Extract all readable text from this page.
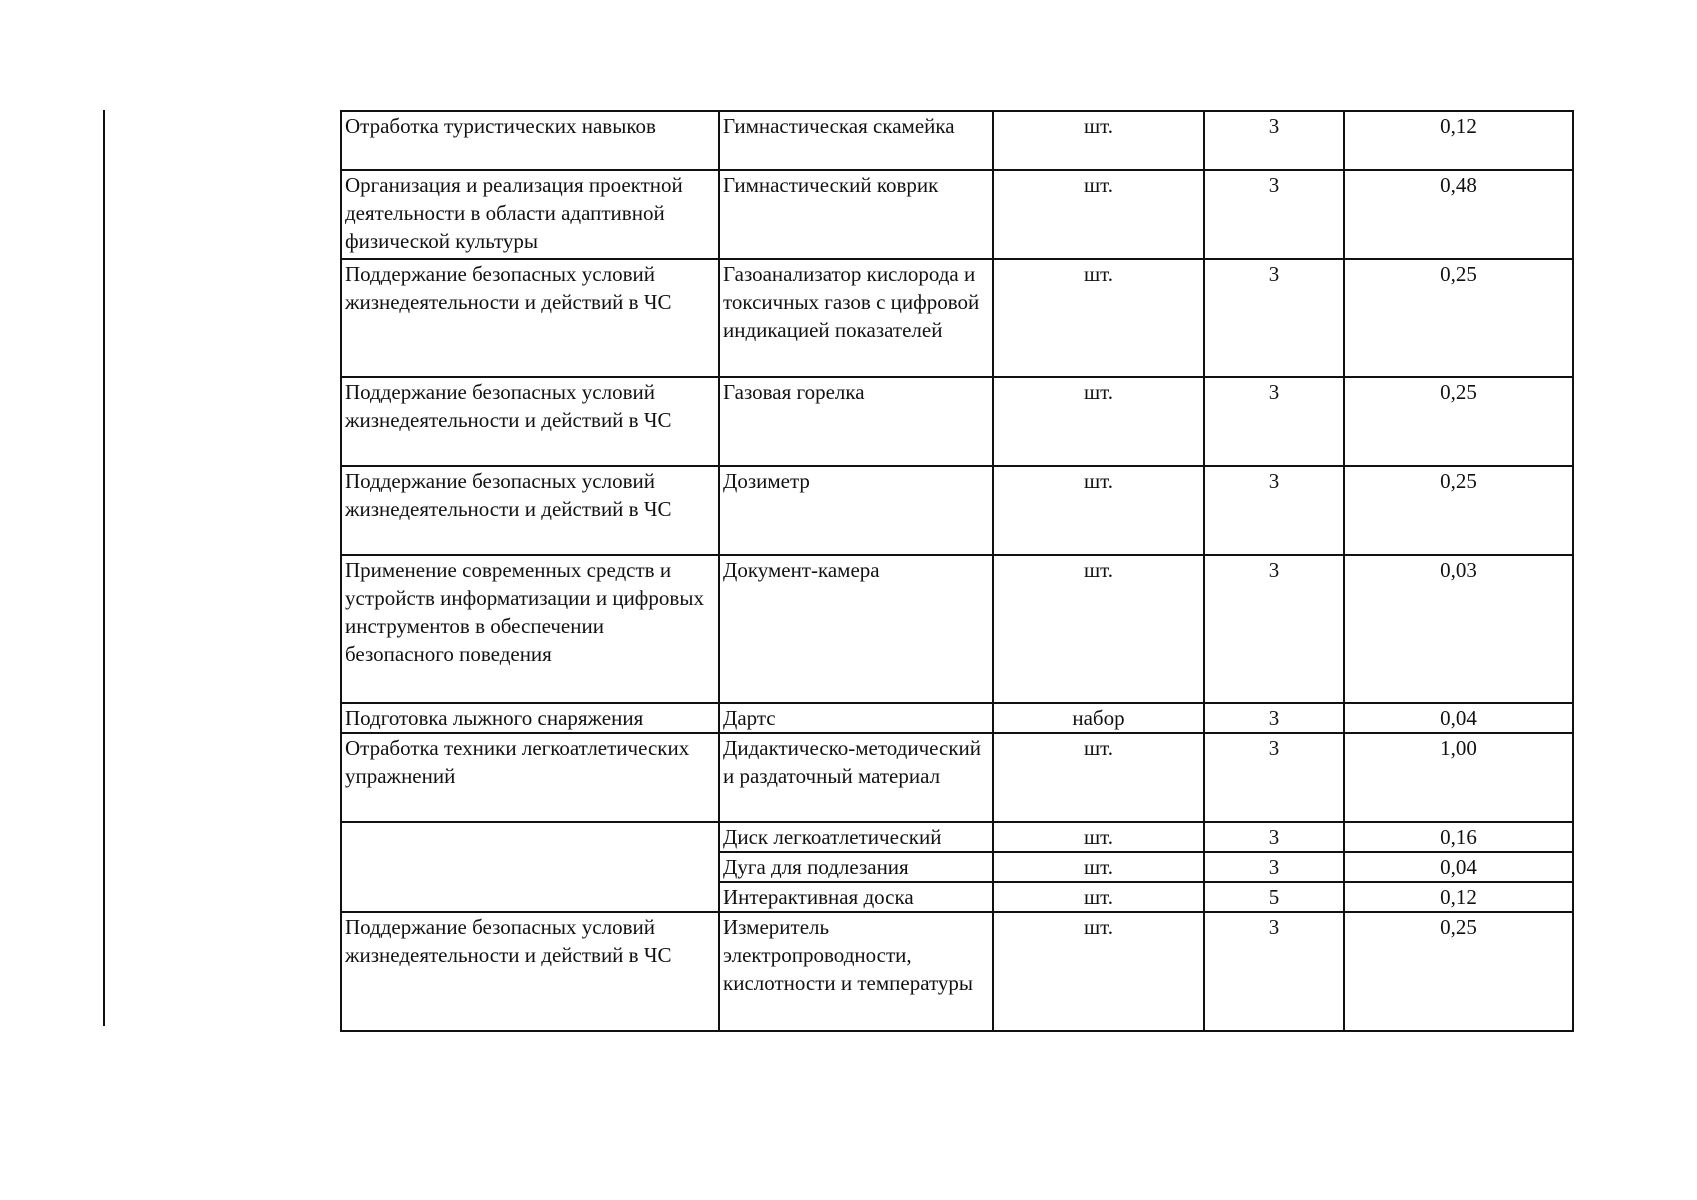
Отработка туристических навыков	Гимнастическая скамейка	шт.	3	0,12
Организация и реализация проектной деятельности в области адаптивной физической культуры	Гимнастический коврик	шт.	3	0,48
Поддержание безопасных условий жизнедеятельности и действий в ЧС	Газоанализатор кислорода и токсичных газов с цифровой индикацией показателей	шт.	3	0,25
Поддержание безопасных условий жизнедеятельности и действий в ЧС	Газовая горелка	шт.	3	0,25
Поддержание безопасных условий жизнедеятельности и действий в ЧС	Дозиметр	шт.	3	0,25
Применение современных средств и устройств информатизации и цифровых инструментов в обеспечении безопасного поведения	Документ-камера	шт.	3	0,03
Подготовка лыжного снаряжения	Дартс	набор	3	0,04
Отработка техники легкоатлетических упражнений	Дидактическо-методический и раздаточный материал	шт.	3	1,00
	Диск легкоатлетический	шт.	3	0,16
	Дуга для подлезания	шт.	3	0,04
	Интерактивная доска	шт.	5	0,12
Поддержание безопасных условий жизнедеятельности и действий в ЧС	Измеритель электропроводности, кислотности и температуры	шт.	3	0,25
